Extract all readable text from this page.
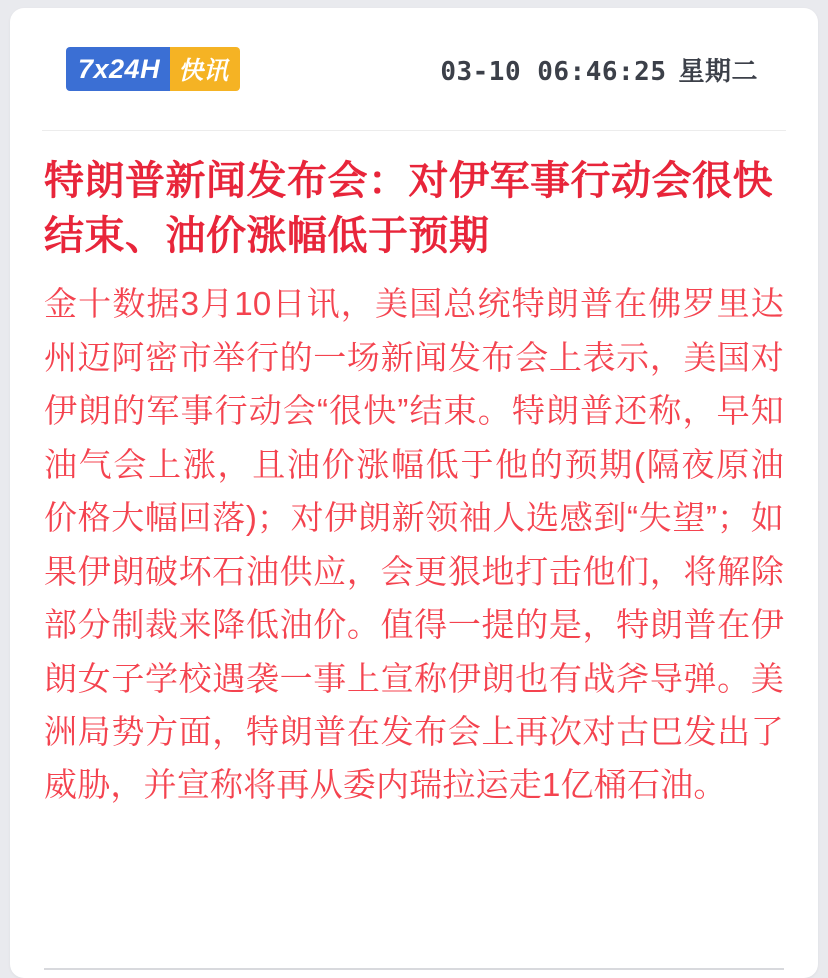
7x24H 快讯	03-10 06:46:25 星期二
特朗普新闻发布会：对伊军事行动会很快结束、油价涨幅低于预期

金十数据3月10日讯，美国总统特朗普在佛罗里达州迈阿密市举行的一场新闻发布会上表示，美国对伊朗的军事行动会“很快”结束。特朗普还称，早知油气会上涨，且油价涨幅低于他的预期(隔夜原油价格大幅回落)；对伊朗新领袖人选感到“失望”；如果伊朗破坏石油供应，会更狠地打击他们，将解除部分制裁来降低油价。值得一提的是，特朗普在伊朗女子学校遇袭一事上宣称伊朗也有战斧导弹。美洲局势方面，特朗普在发布会上再次对古巴发出了威胁，并宣称将再从委内瑞拉运走1亿桶石油。
